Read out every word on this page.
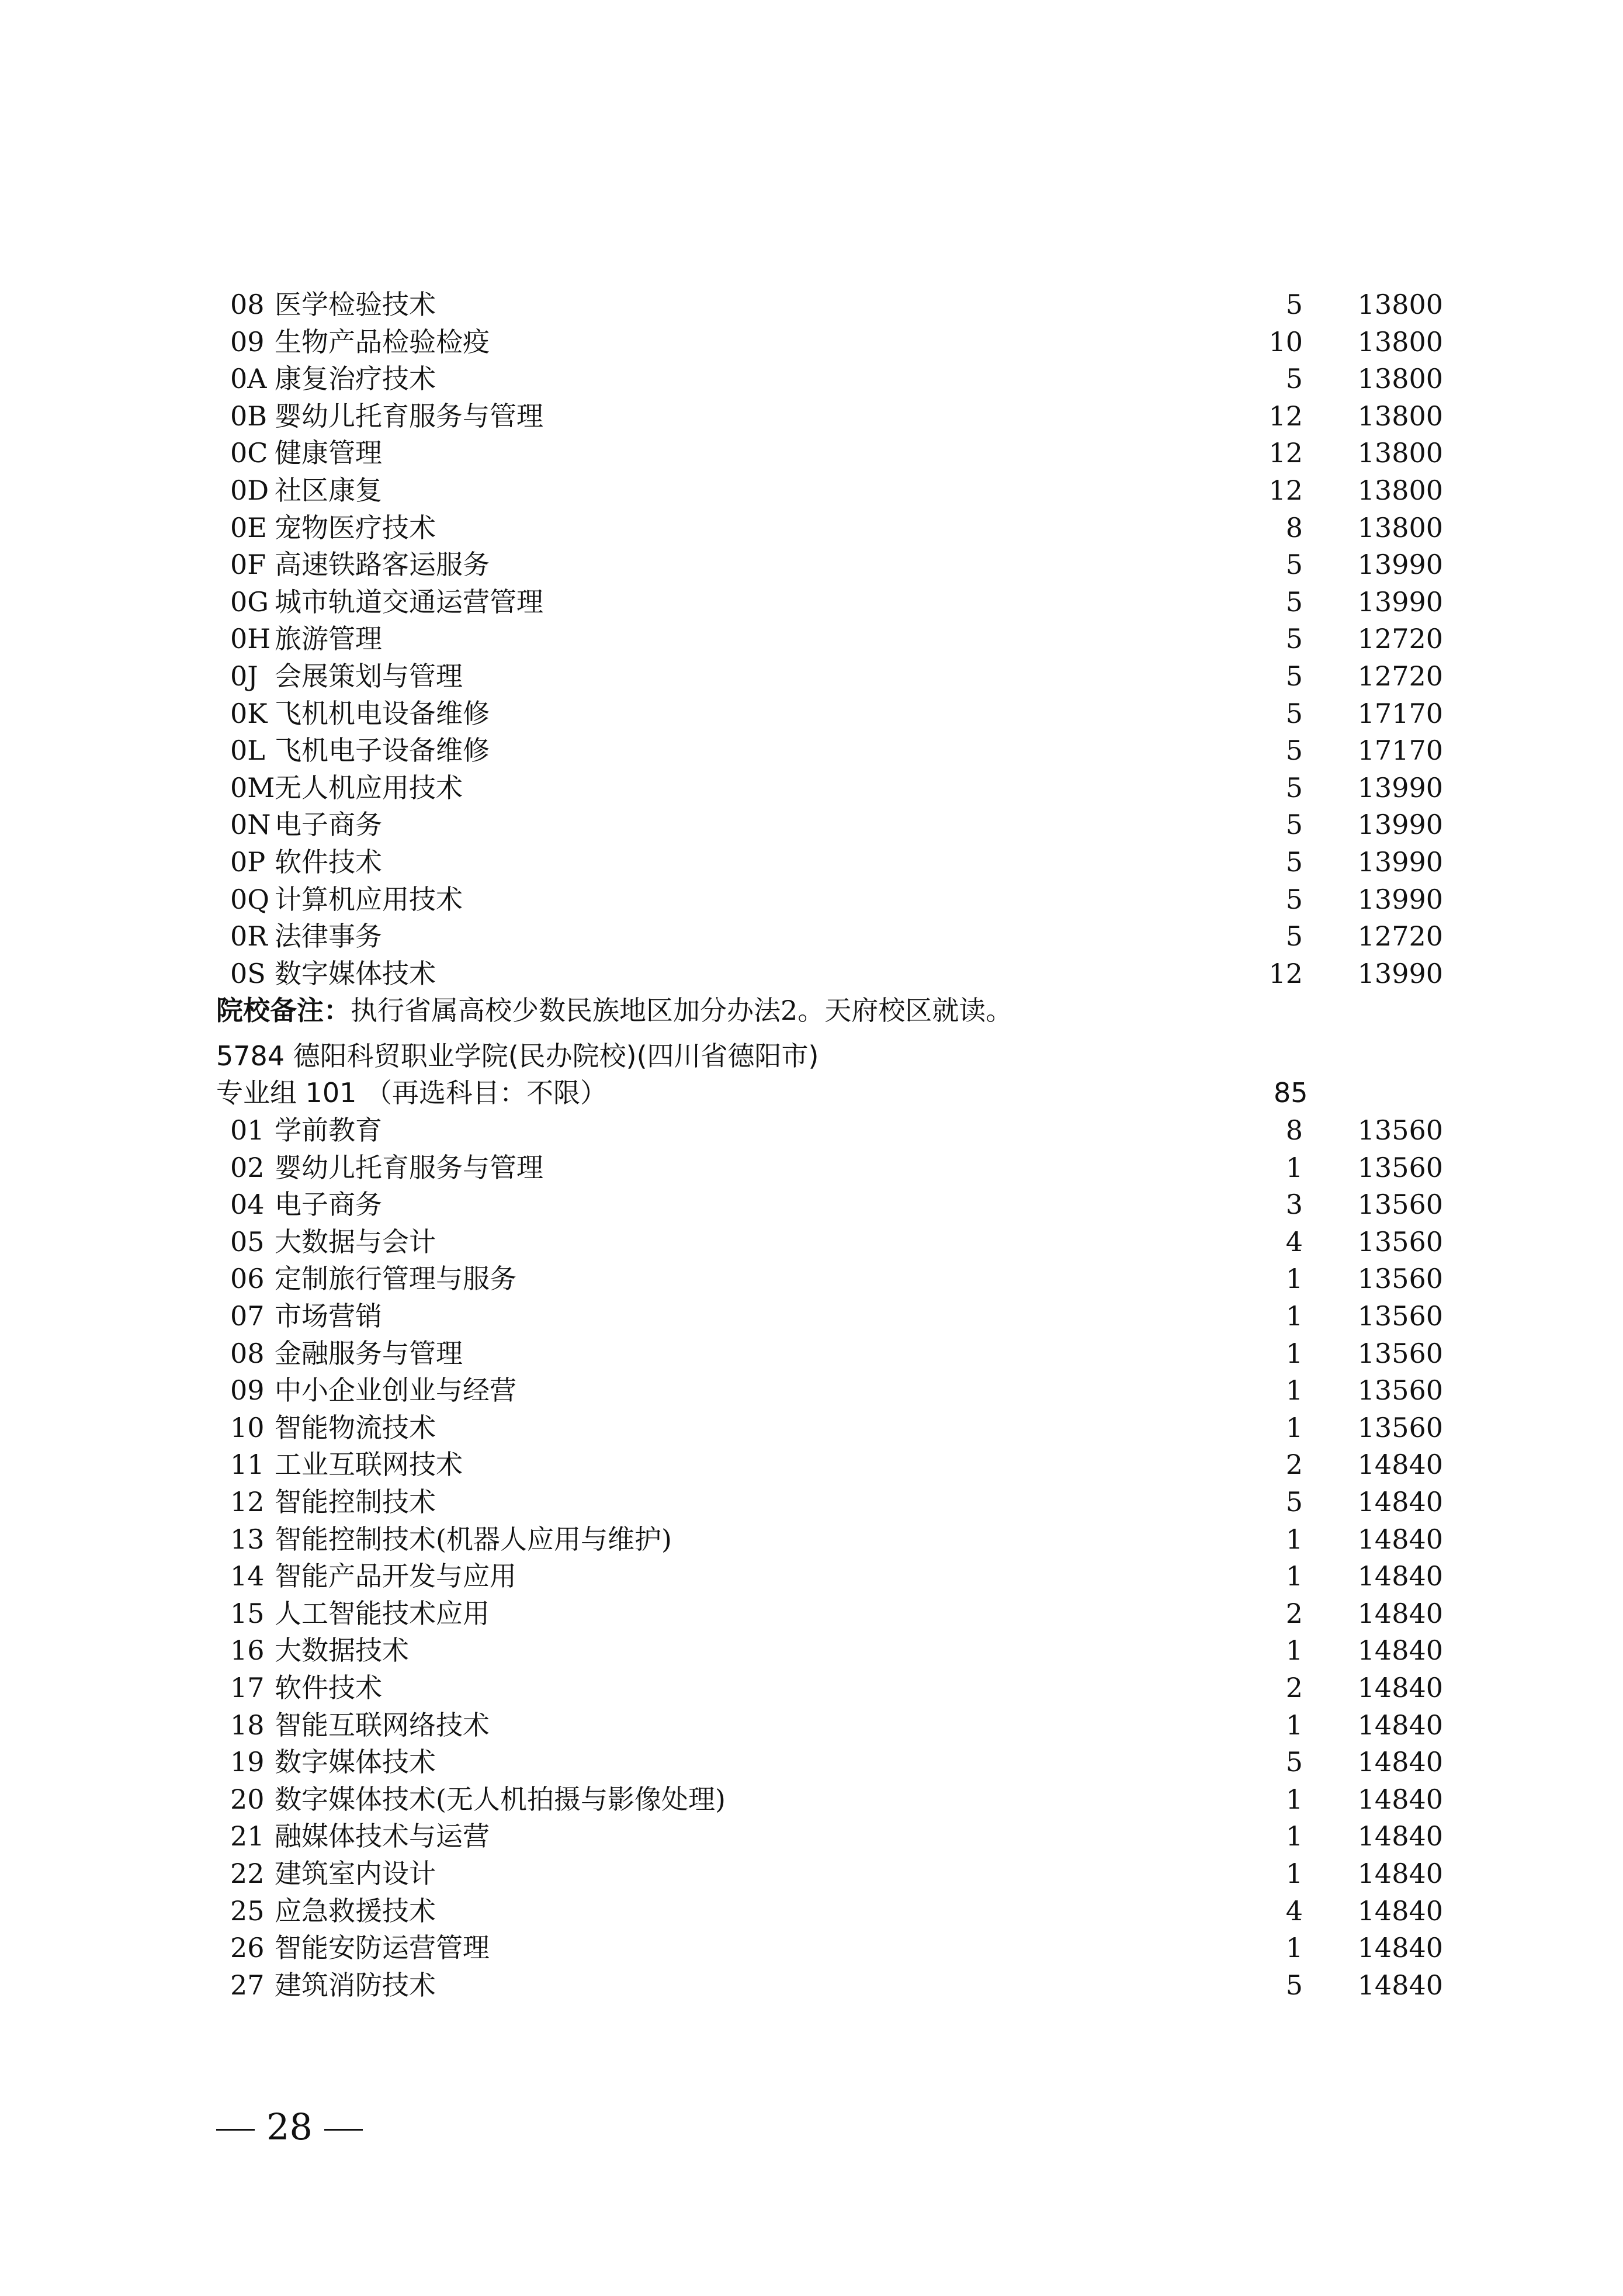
08 医学检验技术	5 13800
09 生物产品检验检疫	10 13800
0A 康复治疗技术	5 13800
0B 婴幼儿托育服务与管理	12 13800
0C 健康管理	12 13800
0D 社区康复	12 13800
0E 宠物医疗技术	8 13800
0F 高速铁路客运服务	5 13990
0G 城市轨道交通运营管理	5 13990
0H 旅游管理	5 12720
0J 会展策划与管理	5 12720
0K 飞机机电设备维修	5 17170
0L 飞机电子设备维修	5 17170
0M 无人机应用技术	5 13990
0N 电子商务	5 13990
0P 软件技术	5 13990
0Q 计算机应用技术	5 13990
0R 法律事务	5 12720
0S 数字媒体技术	12 13990
院校备注：执行省属高校少数民族地区加分办法2。天府校区就读。
5784 德阳科贸职业学院(民办院校)(四川省德阳市)
专业组 101 （再选科目：不限）	85
01 学前教育	8 13560
02 婴幼儿托育服务与管理	1 13560
04 电子商务	3 13560
05 大数据与会计	4 13560
06 定制旅行管理与服务	1 13560
07 市场营销	1 13560
08 金融服务与管理	1 13560
09 中小企业创业与经营	1 13560
10 智能物流技术	1 13560
11 工业互联网技术	2 14840
12 智能控制技术	5 14840
13 智能控制技术(机器人应用与维护)	1 14840
14 智能产品开发与应用	1 14840
15 人工智能技术应用	2 14840
16 大数据技术	1 14840
17 软件技术	2 14840
18 智能互联网络技术	1 14840
19 数字媒体技术	5 14840
20 数字媒体技术(无人机拍摄与影像处理)	1 14840
21 融媒体技术与运营	1 14840
22 建筑室内设计	1 14840
25 应急救援技术	4 14840
26 智能安防运营管理	1 14840
27 建筑消防技术	5 14840
28
